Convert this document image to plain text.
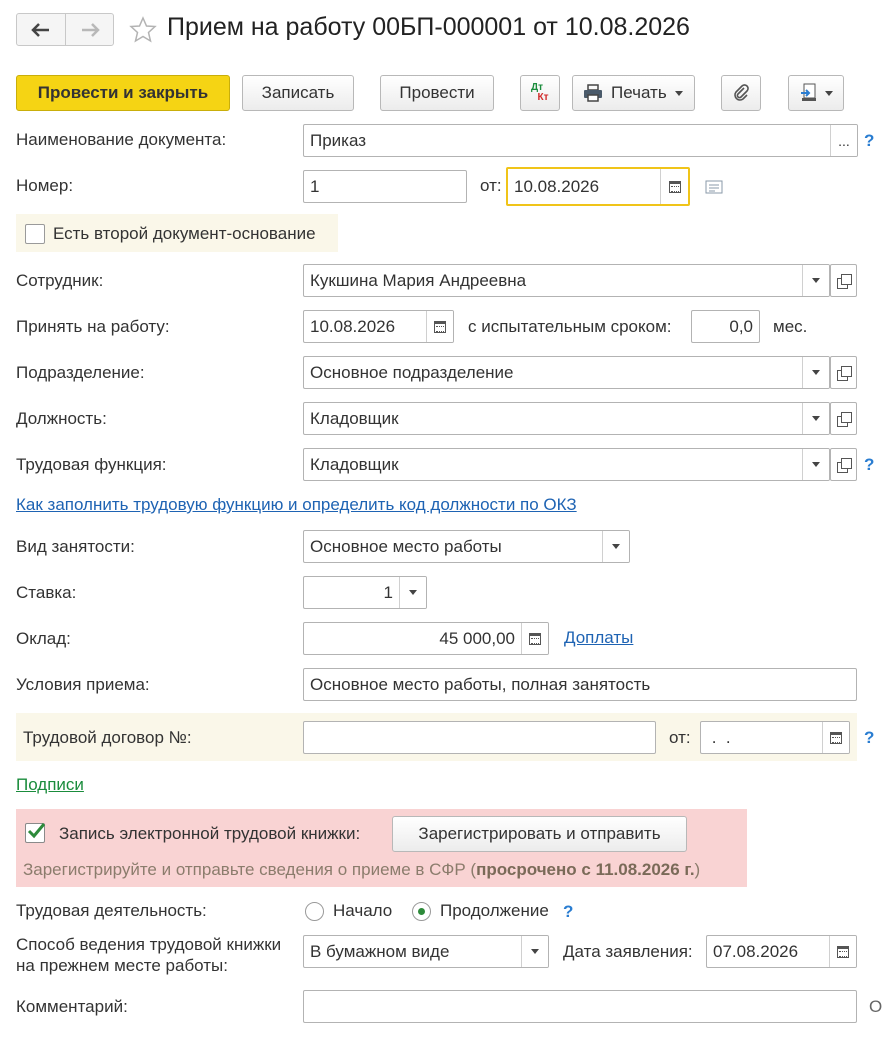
Прием на работу 00БП-000001 от 10.08.2026
Провести и закрыть	Записать	Провести	Дт
Кт	Печать
Наименование документа:	Приказ	... ?
Номер:	1	от: 10.08.2026
Есть второй документ-основание
Сотрудник:	Кукшина Мария Андреевна
Принять на работу:	10.08.2026	с испытательным сроком:	0,0 мес.
Подразделение:	Основное подразделение
Должность:	Кладовщик
Трудовая функция:	Кладовщик	?
Как заполнить трудовую функцию и определить код должности по ОКЗ
Вид занятости:	Основное место работы
Ставка:	1
Оклад:	45 000,00	Доплаты
Условия приема:	Основное место работы, полная занятость
Трудовой договор №:	от: .  .	?
Подписи
Запись электронной трудовой книжки:	Зарегистрировать и отправить
Зарегистрируйте и отправьте сведения о приеме в СФР (просрочено с 11.08.2026 г.)
Трудовая деятельность:	Начало	Продолжение ?
Способ ведения трудовой книжки
на прежнем месте работы:
В бумажном виде	Дата заявления: 07.08.2026
Комментарий:	О
